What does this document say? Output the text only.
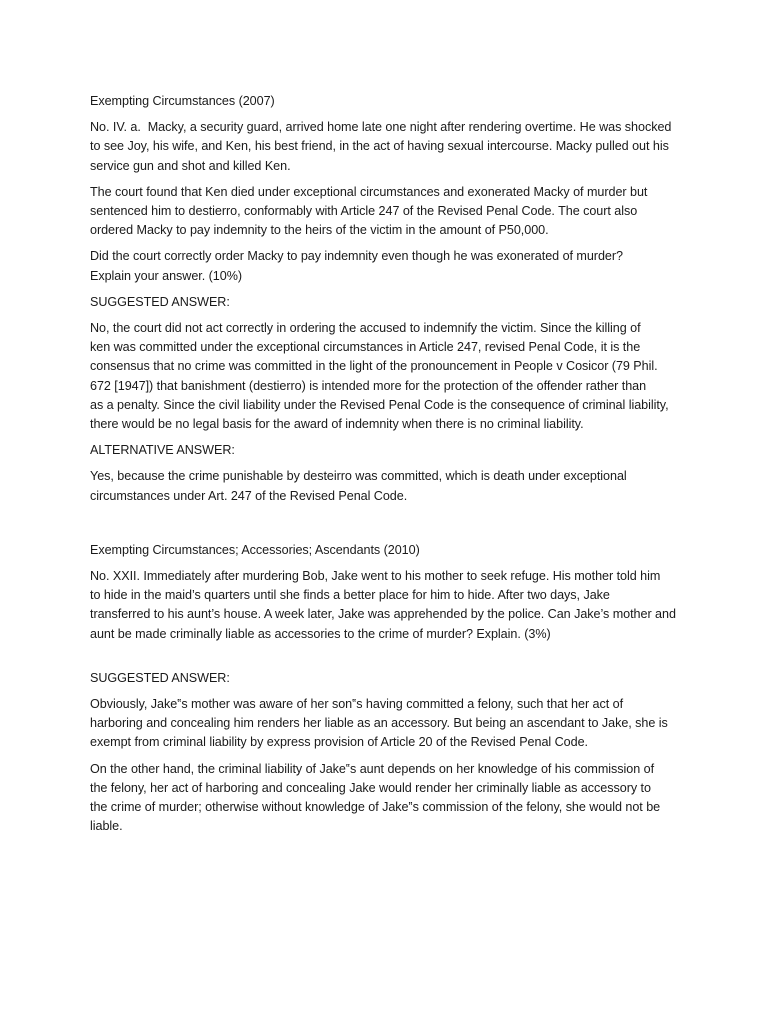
Exempting Circumstances (2007)

No. IV. a.  Macky, a security guard, arrived home late one night after rendering overtime. He was shocked
to see Joy, his wife, and Ken, his best friend, in the act of having sexual intercourse. Macky pulled out his
service gun and shot and killed Ken.

The court found that Ken died under exceptional circumstances and exonerated Macky of murder but
sentenced him to destierro, conformably with Article 247 of the Revised Penal Code. The court also
ordered Macky to pay indemnity to the heirs of the victim in the amount of P50,000.

Did the court correctly order Macky to pay indemnity even though he was exonerated of murder?
Explain your answer. (10%)

SUGGESTED ANSWER:

No, the court did not act correctly in ordering the accused to indemnify the victim. Since the killing of
ken was committed under the exceptional circumstances in Article 247, revised Penal Code, it is the
consensus that no crime was committed in the light of the pronouncement in People v Cosicor (79 Phil.
672 [1947]) that banishment (destierro) is intended more for the protection of the offender rather than
as a penalty. Since the civil liability under the Revised Penal Code is the consequence of criminal liability,
there would be no legal basis for the award of indemnity when there is no criminal liability.

ALTERNATIVE ANSWER:

Yes, because the crime punishable by desteirro was committed, which is death under exceptional
circumstances under Art. 247 of the Revised Penal Code.

Exempting Circumstances; Accessories; Ascendants (2010)

No. XXII. Immediately after murdering Bob, Jake went to his mother to seek refuge. His mother told him
to hide in the maid’s quarters until she finds a better place for him to hide. After two days, Jake
transferred to his aunt’s house. A week later, Jake was apprehended by the police. Can Jake’s mother and
aunt be made criminally liable as accessories to the crime of murder? Explain. (3%)

SUGGESTED ANSWER:

Obviously, Jake‟s mother was aware of her son‟s having committed a felony, such that her act of
harboring and concealing him renders her liable as an accessory. But being an ascendant to Jake, she is
exempt from criminal liability by express provision of Article 20 of the Revised Penal Code.

On the other hand, the criminal liability of Jake‟s aunt depends on her knowledge of his commission of
the felony, her act of harboring and concealing Jake would render her criminally liable as accessory to
the crime of murder; otherwise without knowledge of Jake‟s commission of the felony, she would not be
liable.
